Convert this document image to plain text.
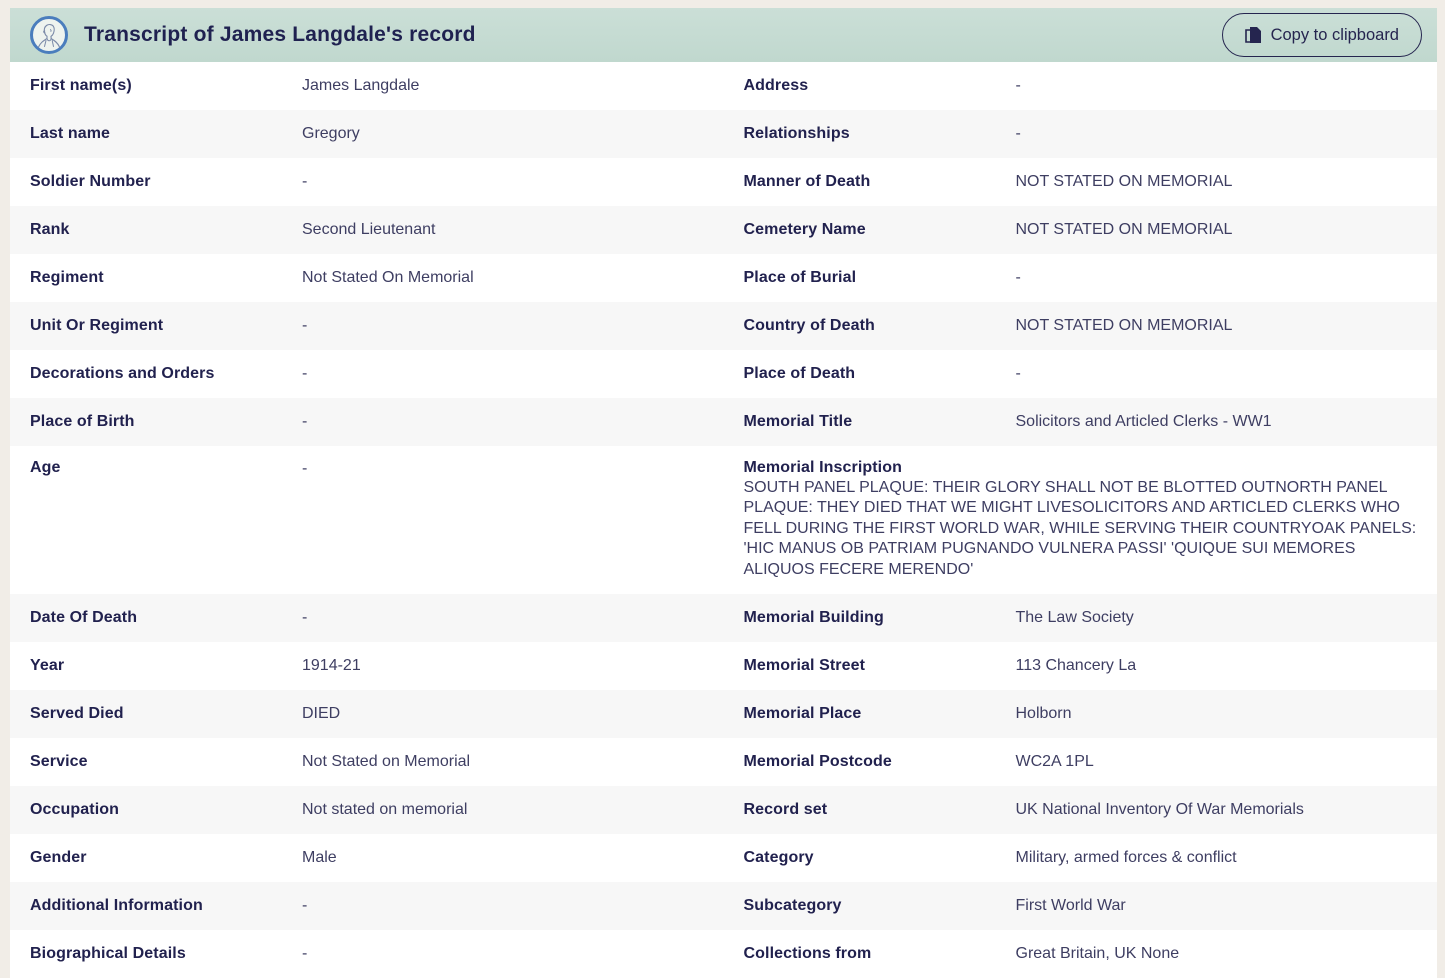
Transcript of James Langdale's record	Copy to clipboard
First name(s)	James Langdale	Address	-
Last name	Gregory	Relationships	-
Soldier Number	-	Manner of Death	NOT STATED ON MEMORIAL
Rank	Second Lieutenant	Cemetery Name	NOT STATED ON MEMORIAL
Regiment	Not Stated On Memorial	Place of Burial	-
Unit Or Regiment	-	Country of Death	NOT STATED ON MEMORIAL
Decorations and Orders	-	Place of Death	-
Place of Birth	-	Memorial Title	Solicitors and Articled Clerks - WW1
Age	-	Memorial Inscription
SOUTH PANEL PLAQUE: THEIR GLORY SHALL NOT BE BLOTTED OUTNORTH PANEL PLAQUE: THEY DIED THAT WE MIGHT LIVESOLICITORS AND ARTICLED CLERKS WHO FELL DURING THE FIRST WORLD WAR, WHILE SERVING THEIR COUNTRYOAK PANELS: 'HIC MANUS OB PATRIAM PUGNANDO VULNERA PASSI' 'QUIQUE SUI MEMORES ALIQUOS FECERE MERENDO'
Date Of Death	-	Memorial Building	The Law Society
Year	1914-21	Memorial Street	113 Chancery La
Served Died	DIED	Memorial Place	Holborn
Service	Not Stated on Memorial	Memorial Postcode	WC2A 1PL
Occupation	Not stated on memorial	Record set	UK National Inventory Of War Memorials
Gender	Male	Category	Military, armed forces & conflict
Additional Information	-	Subcategory	First World War
Biographical Details	-	Collections from	Great Britain, UK None
